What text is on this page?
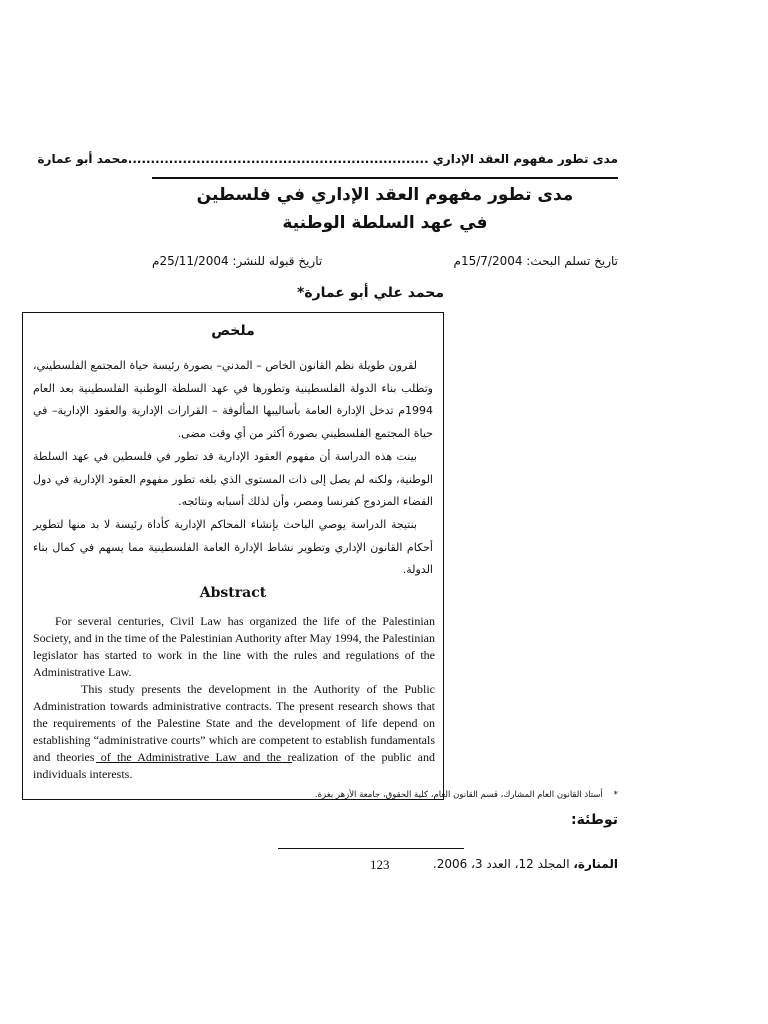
مدى تطور مفهوم العقد الإداري ..................................................................محمد أبو عمارة
مدى تطور مفهوم العقد الإداري في فلسطين
في عهد السلطة الوطنية
تاريخ تسلم البحث: 15/7/2004م
تاريخ قبوله للنشر: 25/11/2004م
محمد علي أبو عمارة*
ملخص

لقرون طويلة نظم القانون الخاص – المدني– بصورة رئيسة حياة المجتمع الفلسطيني، وتطلب بناء الدولة الفلسطينية وتطورها في عهد السلطة الوطنية الفلسطينية بعد العام 1994م تدخل الإدارة العامة بأساليبها المألوفة – القرارات الإدارية والعقود الإدارية– في حياة المجتمع الفلسطيني بصورة أكثر من أي وقت مضى.

بينت هذه الدراسة أن مفهوم العقود الإدارية قد تطور في فلسطين في عهد السلطة الوطنية، ولكنه لم يصل إلى ذات المستوى الذي بلغه تطور مفهوم العقود الإدارية في دول القضاء المزدوج كفرنسا ومصر، وأن لذلك أسبابه ونتائجه.

بنتيجة الدراسة يوصي الباحث بإنشاء المحاكم الإدارية كأداة رئيسة لا بد منها لتطوير أحكام القانون الإداري وتطوير نشاط الإدارة العامة الفلسطينية مما يسهم في كمال بناء الدولة.

Abstract

For several centuries, Civil Law has organized the life of the Palestinian Society, and in the time of the Palestinian Authority after May 1994, the Palestinian legislator has started to work in the line with the rules and regulations of the Administrative Law.

This study presents the development in the Authority of the Public Administration towards administrative contracts. The present research shows that the requirements of the Palestine State and the development of life depend on establishing “administrative courts” which are competent to establish fundamentals and theories of the Administrative Law and the realization of the public and individuals interests.

* أستاذ القانون العام المشارك، قسم القانون العام، كلية الحقوق، جامعة الأزهر بغزة.
توطئة:
المنارة، المجلد 12، العدد 3، 2006.
123
